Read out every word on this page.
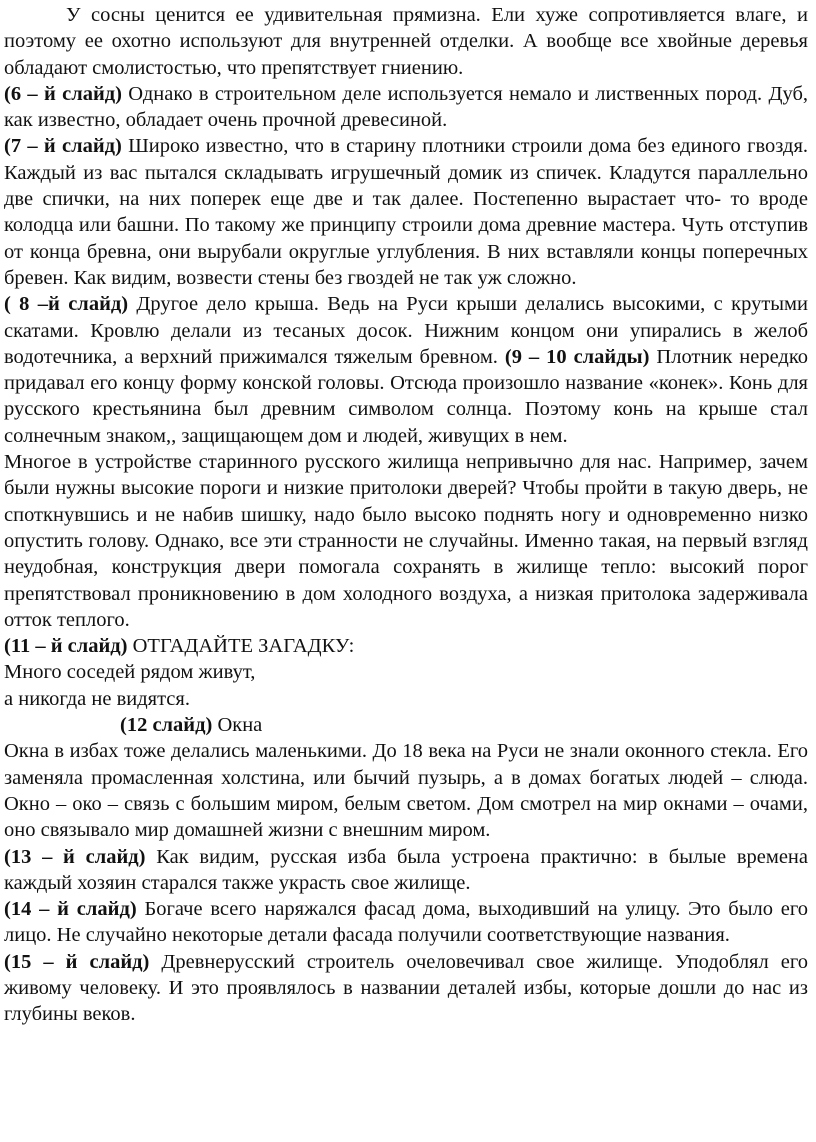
У сосны ценится ее удивительная прямизна. Ели хуже сопротивляется влаге, и поэтому ее охотно используют для внутренней отделки. А вообще все хвойные деревья обладают смолистостью, что препятствует гниению.

(6 – й слайд) Однако в строительном деле используется немало и лиственных пород. Дуб, как известно, обладает очень прочной древесиной.

(7 – й слайд) Широко известно, что в старину плотники строили дома без единого гвоздя. Каждый из вас пытался складывать игрушечный домик из спичек. Кладутся параллельно две спички, на них поперек еще две и так далее. Постепенно вырастает что- то вроде колодца или башни. По такому же принципу строили дома древние мастера. Чуть отступив от конца бревна, они вырубали округлые углубления. В них вставляли концы поперечных бревен. Как видим, возвести стены без гвоздей не так уж сложно.

( 8 –й слайд) Другое дело крыша. Ведь на Руси крыши делались высокими, с крутыми скатами. Кровлю делали из тесаных досок. Нижним концом они упирались в желоб водотечника, а верхний прижимался тяжелым бревном. (9 – 10 слайды) Плотник нередко придавал его концу форму конской головы. Отсюда произошло название «конек». Конь для русского крестьянина был древним символом солнца. Поэтому конь на крыше стал солнечным знаком,, защищающем дом и людей, живущих в нем.

Многое в устройстве старинного русского жилища непривычно для нас. Например, зачем были нужны высокие пороги и низкие притолоки дверей? Чтобы пройти в такую дверь, не споткнувшись и не набив шишку, надо было высоко поднять ногу и одновременно низко опустить голову. Однако, все эти странности не случайны. Именно такая, на первый взгляд неудобная, конструкция двери помогала сохранять в жилище тепло: высокий порог препятствовал проникновению в дом холодного воздуха, а низкая притолока задерживала отток теплого.

(11 – й слайд) ОТГАДАЙТЕ ЗАГАДКУ:

Много соседей рядом живут,

а никогда не видятся.

(12 слайд) Окна

Окна в избах тоже делались маленькими. До 18 века на Руси не знали оконного стекла. Его заменяла промасленная холстина, или бычий пузырь, а в домах богатых людей – слюда. Окно – око – связь с большим миром, белым светом. Дом смотрел на мир окнами – очами, оно связывало мир домашней жизни с внешним миром.

(13 – й слайд) Как видим, русская изба была устроена практично: в былые времена каждый хозяин старался также украсть свое жилище.

(14 – й слайд) Богаче всего наряжался фасад дома, выходивший на улицу. Это было его лицо. Не случайно некоторые детали фасада получили соответствующие названия.

(15 – й слайд) Древнерусский строитель очеловечивал свое жилище. Уподоблял его живому человеку. И это проявлялось в названии деталей избы, которые дошли до нас из глубины веков.
